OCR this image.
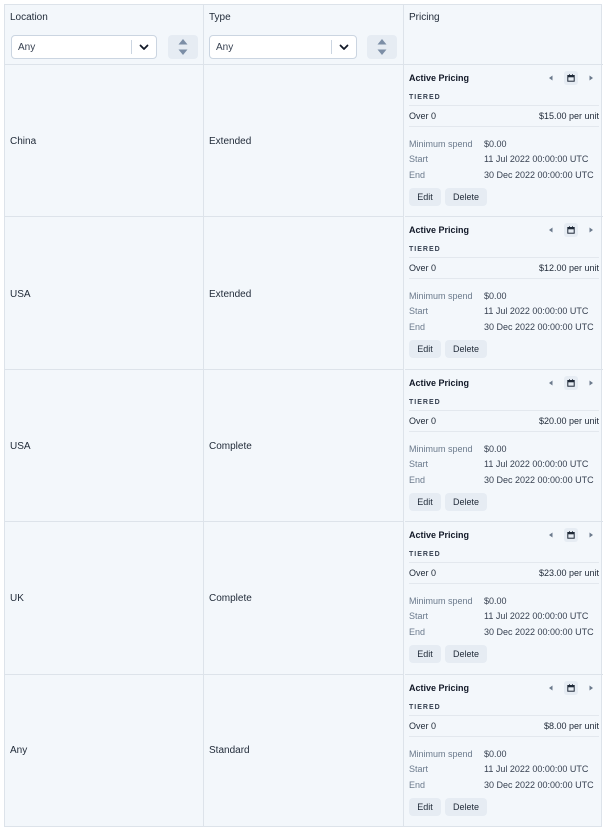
Location
Any
Type
Any
Pricing
China	Extended
Active Pricing
TIERED
Over 0	$15.00 per unit
Minimum spend $0.00
Start	11 Jul 2022 00:00:00 UTC
End	30 Dec 2022 00:00:00 UTC
Edit	Delete
USA	Extended
Active Pricing
TIERED
Over 0	$12.00 per unit
Minimum spend $0.00
Start	11 Jul 2022 00:00:00 UTC
End	30 Dec 2022 00:00:00 UTC
Edit	Delete
USA	Complete
Active Pricing
TIERED
Over 0	$20.00 per unit
Minimum spend $0.00
Start	11 Jul 2022 00:00:00 UTC
End	30 Dec 2022 00:00:00 UTC
Edit	Delete
UK	Complete
Active Pricing
TIERED
Over 0	$23.00 per unit
Minimum spend $0.00
Start	11 Jul 2022 00:00:00 UTC
End	30 Dec 2022 00:00:00 UTC
Edit	Delete
Any	Standard
Active Pricing
TIERED
Over 0	$8.00 per unit
Minimum spend $0.00
Start	11 Jul 2022 00:00:00 UTC
End	30 Dec 2022 00:00:00 UTC
Edit	Delete
